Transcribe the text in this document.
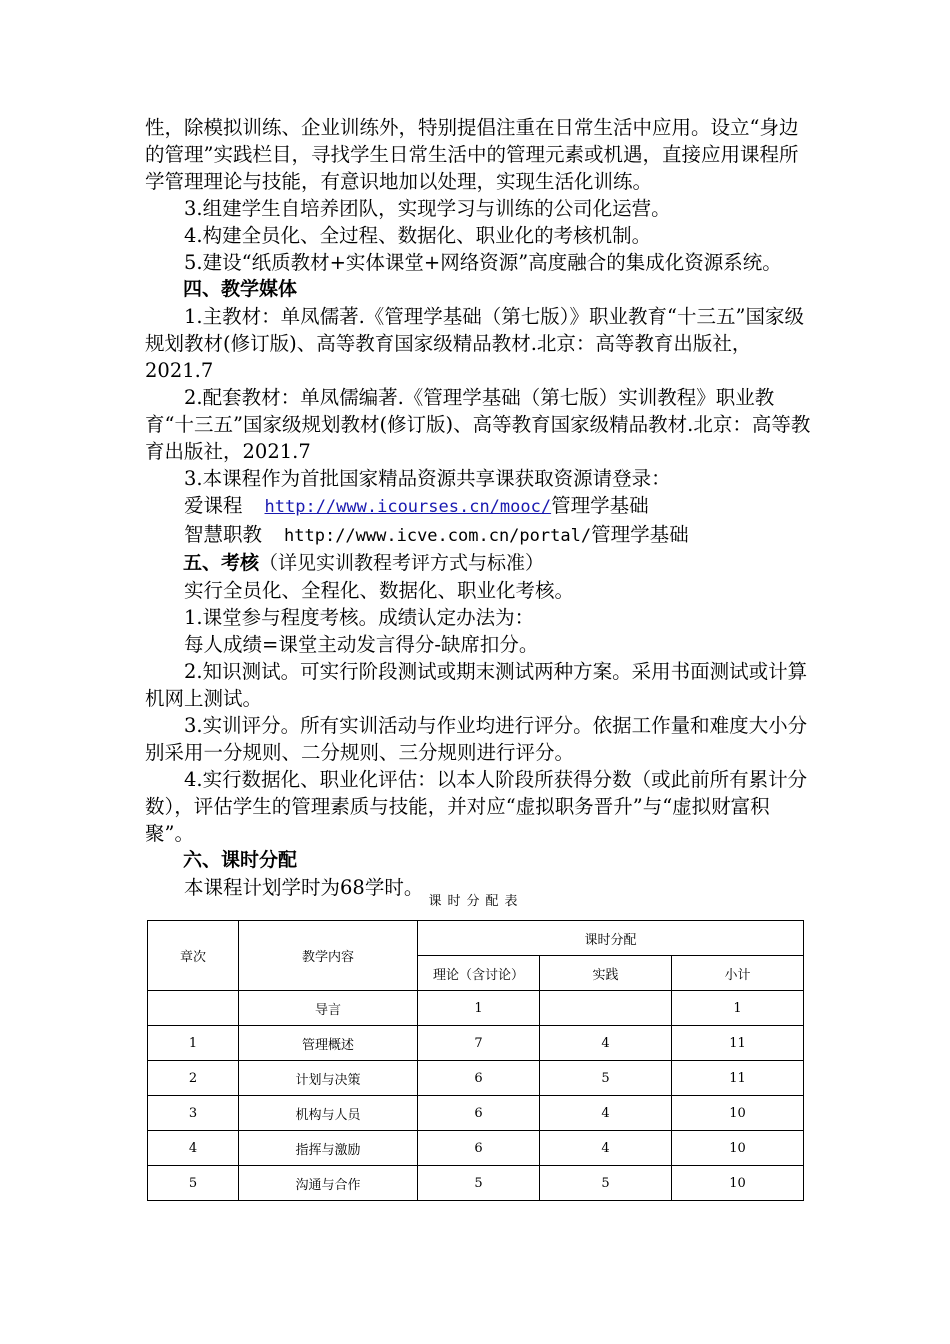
性，除模拟训练、企业训练外，特别提倡注重在日常生活中应用。设立“身边的管理”实践栏目，寻找学生日常生活中的管理元素或机遇，直接应用课程所学管理理论与技能，有意识地加以处理，实现生活化训练。

3.组建学生自培养团队，实现学习与训练的公司化运营。

4.构建全员化、全过程、数据化、职业化的考核机制。

5.建设“纸质教材+实体课堂+网络资源”高度融合的集成化资源系统。

四、教学媒体

1.主教材：单凤儒著.《管理学基础（第七版）》职业教育“十三五”国家级规划教材(修订版)、高等教育国家级精品教材.北京：高等教育出版社，2021.7

2.配套教材：单凤儒编著.《管理学基础（第七版）实训教程》职业教育“十三五”国家级规划教材(修订版)、高等教育国家级精品教材.北京：高等教育出版社，2021.7

3.本课程作为首批国家精品资源共享课获取资源请登录：

爱课程 http://www.icourses.cn/mooc/管理学基础

智慧职教 http://www.icve.com.cn/portal/管理学基础

五、考核（详见实训教程考评方式与标准）

实行全员化、全程化、数据化、职业化考核。

1.课堂参与程度考核。成绩认定办法为：

每人成绩=课堂主动发言得分-缺席扣分。

2.知识测试。可实行阶段测试或期末测试两种方案。采用书面测试或计算机网上测试。

3.实训评分。所有实训活动与作业均进行评分。依据工作量和难度大小分别采用一分规则、二分规则、三分规则进行评分。

4.实行数据化、职业化评估：以本人阶段所获得分数（或此前所有累计分数），评估学生的管理素质与技能，并对应“虚拟职务晋升”与“虚拟财富积聚”。

六、课时分配

本课程计划学时为68学时。

课时分配表
章次	教学内容	课时分配		
		理论（含讨论）	实践	小计
	导言	1		1
1	管理概述	7	4	11
2	计划与决策	6	5	11
3	机构与人员	6	4	10
4	指挥与激励	6	4	10
5	沟通与合作	5	5	10
